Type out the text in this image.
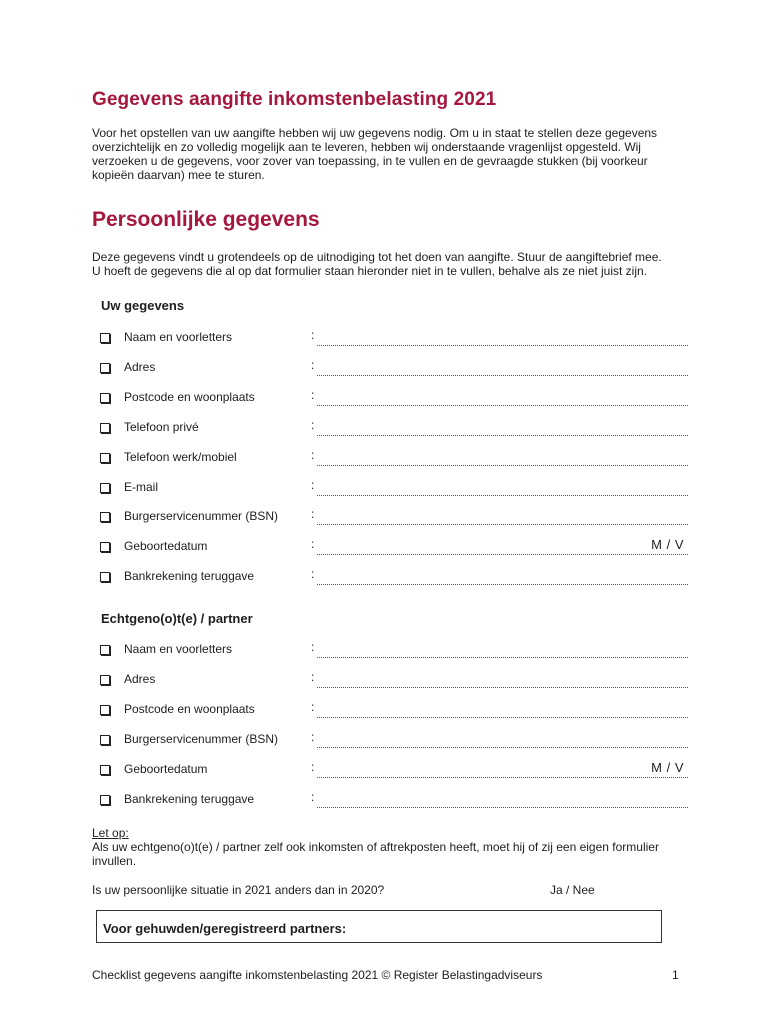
Gegevens aangifte inkomstenbelasting 2021

Voor het opstellen van uw aangifte hebben wij uw gegevens nodig. Om u in staat te stellen deze gegevens overzichtelijk en zo volledig mogelijk aan te leveren, hebben wij onderstaande vragenlijst opgesteld. Wij verzoeken u de gegevens, voor zover van toepassing, in te vullen en de gevraagde stukken (bij voorkeur kopieën daarvan) mee te sturen.

Persoonlijke gegevens

Deze gegevens vindt u grotendeels op de uitnodiging tot het doen van aangifte. Stuur de aangiftebrief mee. U hoeft de gegevens die al op dat formulier staan hieronder niet in te vullen, behalve als ze niet juist zijn.

Uw gegevens
Naam en voorletters	:
Adres	:
Postcode en woonplaats	:
Telefoon privé	:
Telefoon werk/mobiel	:
E-mail	:
Burgerservicenummer (BSN)	:
Geboortedatum	:	M / V
Bankrekening teruggave	:
Echtgeno(o)t(e) / partner
Naam en voorletters	:
Adres	:
Postcode en woonplaats	:
Burgerservicenummer (BSN)	:
Geboortedatum	:	M / V
Bankrekening teruggave	:
Let op:
Als uw echtgeno(o)t(e) / partner zelf ook inkomsten of aftrekposten heeft, moet hij of zij een eigen formulier invullen.
Is uw persoonlijke situatie in 2021 anders dan in 2020?	Ja / Nee
Voor gehuwden/geregistreerd partners:
Checklist gegevens aangifte inkomstenbelasting 2021 © Register Belastingadviseurs	1
